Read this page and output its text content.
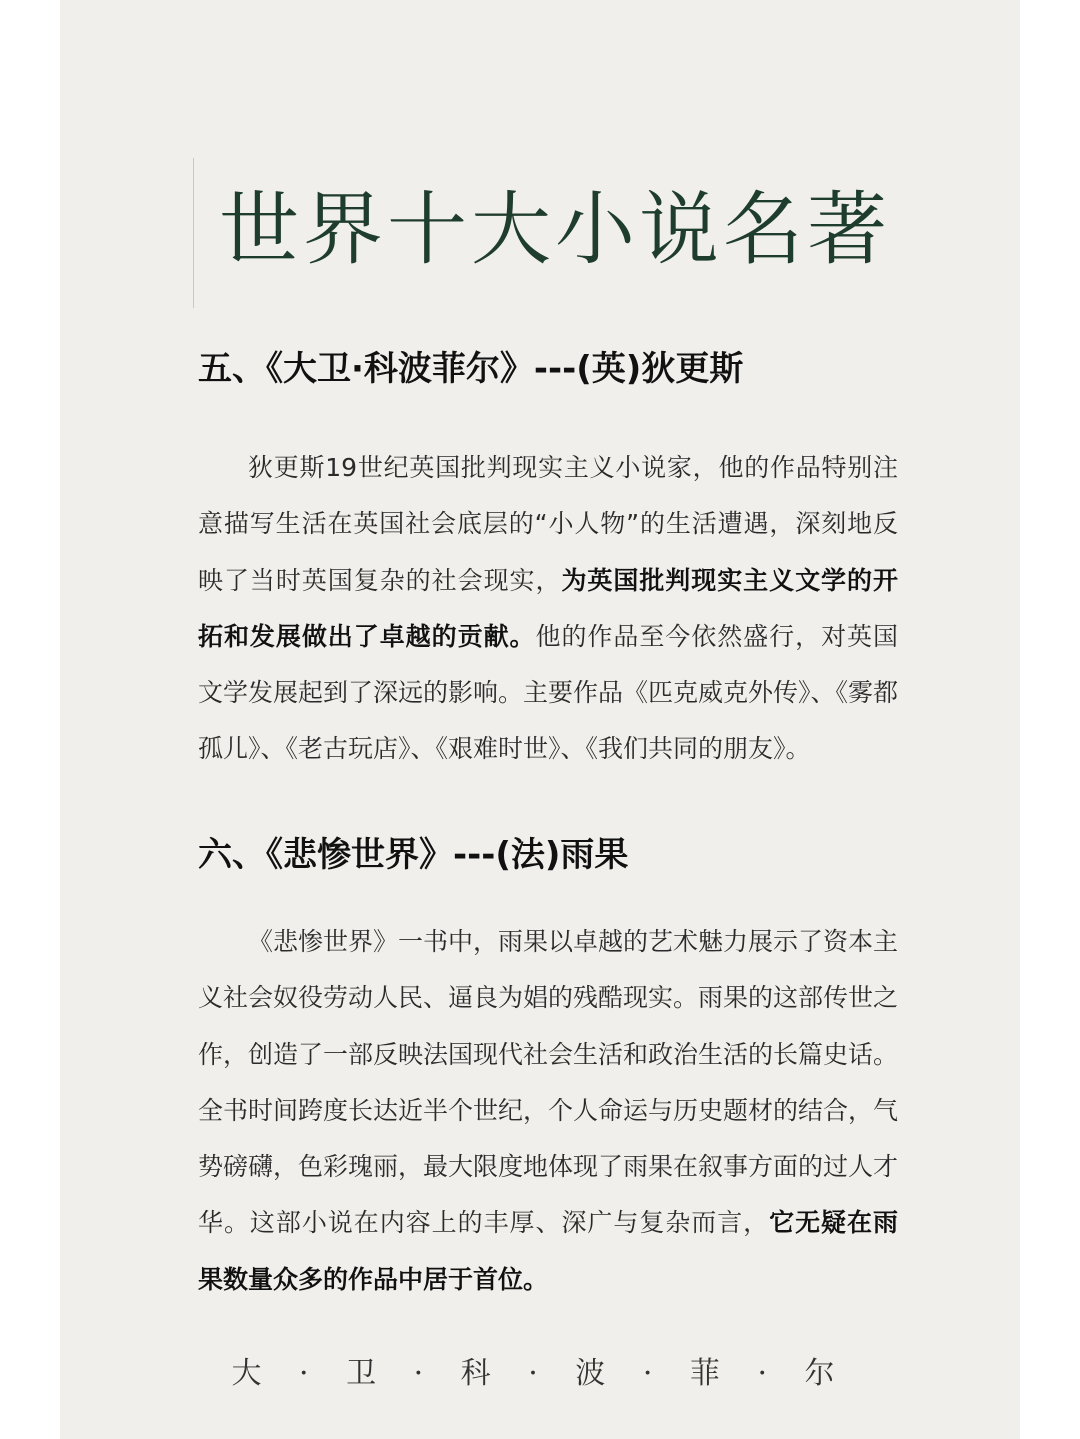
世界十大小说名著
五、《大卫·科波菲尔》---(英)狄更斯

狄更斯19世纪英国批判现实主义小说家，他的作品特别注意描写生活在英国社会底层的“小人物”的生活遭遇，深刻地反映了当时英国复杂的社会现实，为英国批判现实主义文学的开拓和发展做出了卓越的贡献。他的作品至今依然盛行，对英国文学发展起到了深远的影响。主要作品《匹克威克外传》、《雾都孤儿》、《老古玩店》、《艰难时世》、《我们共同的朋友》。

六、《悲惨世界》---(法)雨果

《悲惨世界》一书中，雨果以卓越的艺术魅力展示了资本主义社会奴役劳动人民、逼良为娼的残酷现实。雨果的这部传世之作，创造了一部反映法国现代社会生活和政治生活的长篇史话。全书时间跨度长达近半个世纪，个人命运与历史题材的结合，气势磅礴，色彩瑰丽，最大限度地体现了雨果在叙事方面的过人才华。这部小说在内容上的丰厚、深广与复杂而言，它无疑在雨果数量众多的作品中居于首位。

大 · 卫 · 科 · 波 · 菲 · 尔
